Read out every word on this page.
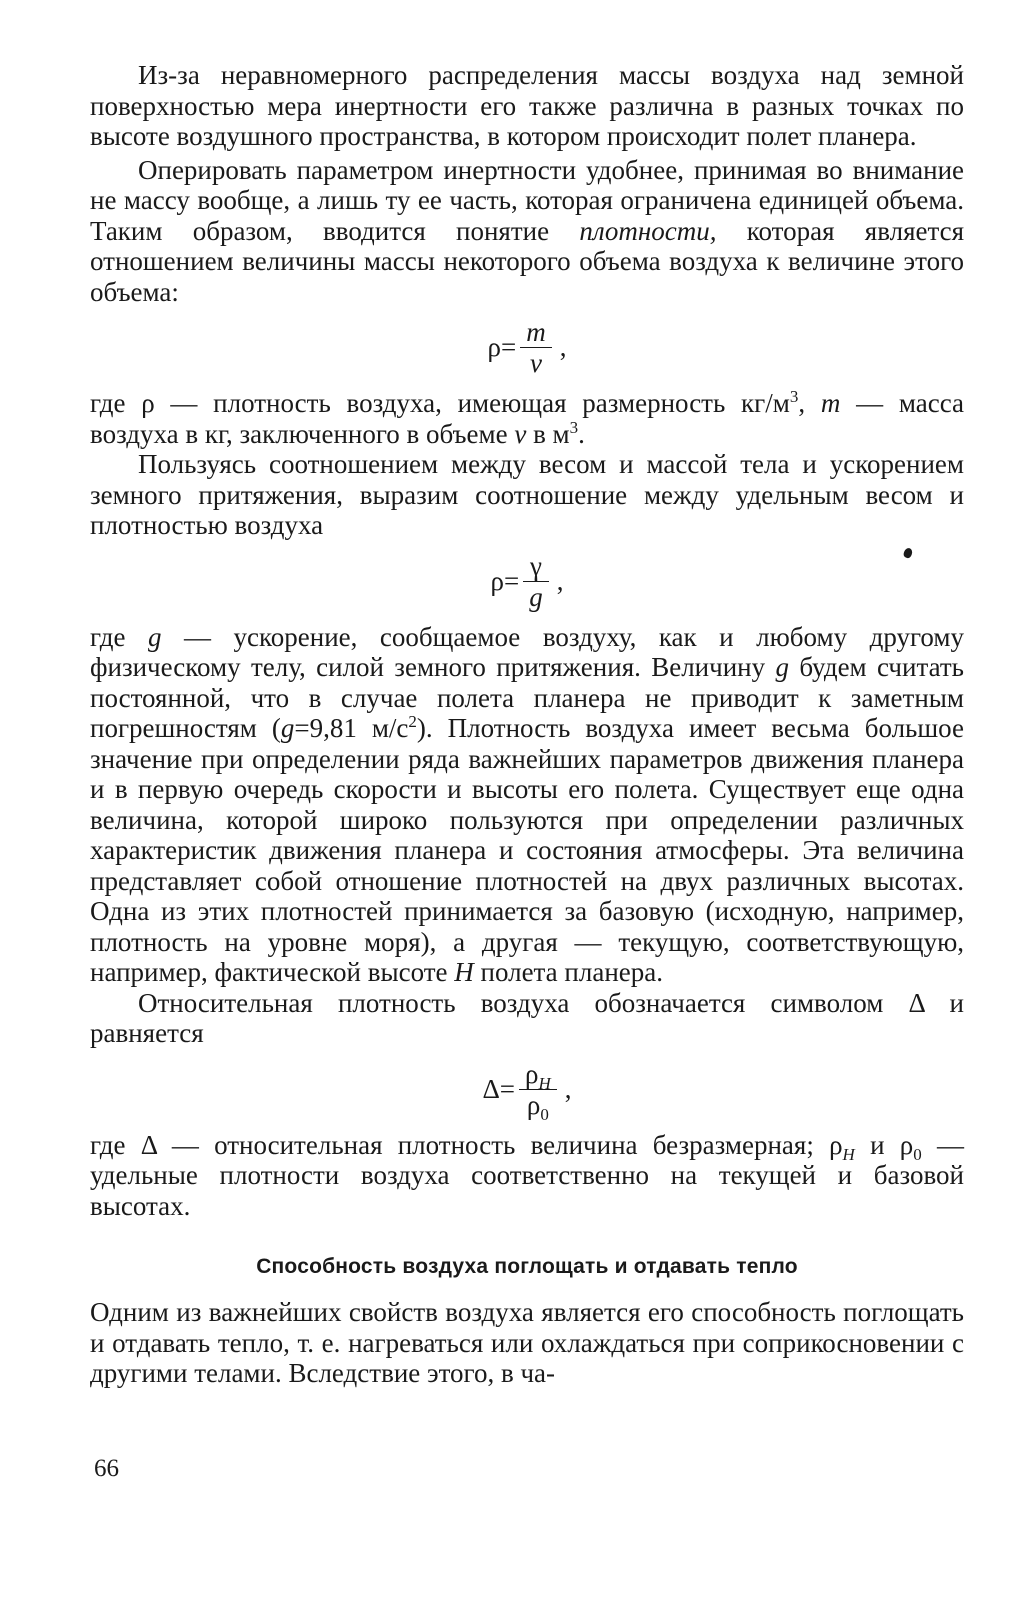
Из-за неравномерного распределения массы воздуха над земной поверхностью мера инертности его также различна в разных точках по высоте воздушного пространства, в котором происходит полет планера.

Оперировать параметром инертности удобнее, принимая во внимание не массу вообще, а лишь ту ее часть, которая ограничена единицей объема. Таким образом, вводится понятие плотности, которая является отношением величины массы некоторого объема воздуха к величине этого объема:

$\rho= \frac{m}{v}$ ,

где ρ — плотность воздуха, имеющая размерность $кг/м^3$, m — масса воздуха в кг, заключенного в объеме v в $м^3$.

Пользуясь соотношением между весом и массой тела и ускорением земного притяжения, выразим соотношение между удельным весом и плотностью воздуха

$\rho= \frac{\gamma}{g}$ ,

где g — ускорение, сообщаемое воздуху, как и любому другому физическому телу, силой земного притяжения. Величину g будем считать постоянной, что в случае полета планера не приводит к заметным погрешностям (g=9,81 $м/с^2$). Плотность воздуха имеет весьма большое значение при определении ряда важнейших параметров движения планера и в первую очередь скорости и высоты его полета. Существует еще одна величина, которой широко пользуются при определении различных характеристик движения планера и состояния атмосферы. Эта величина представляет собой отношение плотностей на двух различных высотах. Одна из этих плотностей принимается за базовую (исходную, например, плотность на уровне моря), а другая — текущую, соответствующую, например, фактической высоте H полета планера.

Относительная плотность воздуха обозначается символом Δ и равняется

$\Delta= \frac{\rho_H}{\rho_0}$ ,

где Δ — относительная плотность величина безразмерная; $\rho_H$ и $\rho_0$ — удельные плотности воздуха соответственно на текущей и базовой высотах.

Способность воздуха поглощать и отдавать тепло

Одним из важнейших свойств воздуха является его способность поглощать и отдавать тепло, т. е. нагреваться или охлаждаться при соприкосновении с другими телами. Вследствие этого, в ча-

66
